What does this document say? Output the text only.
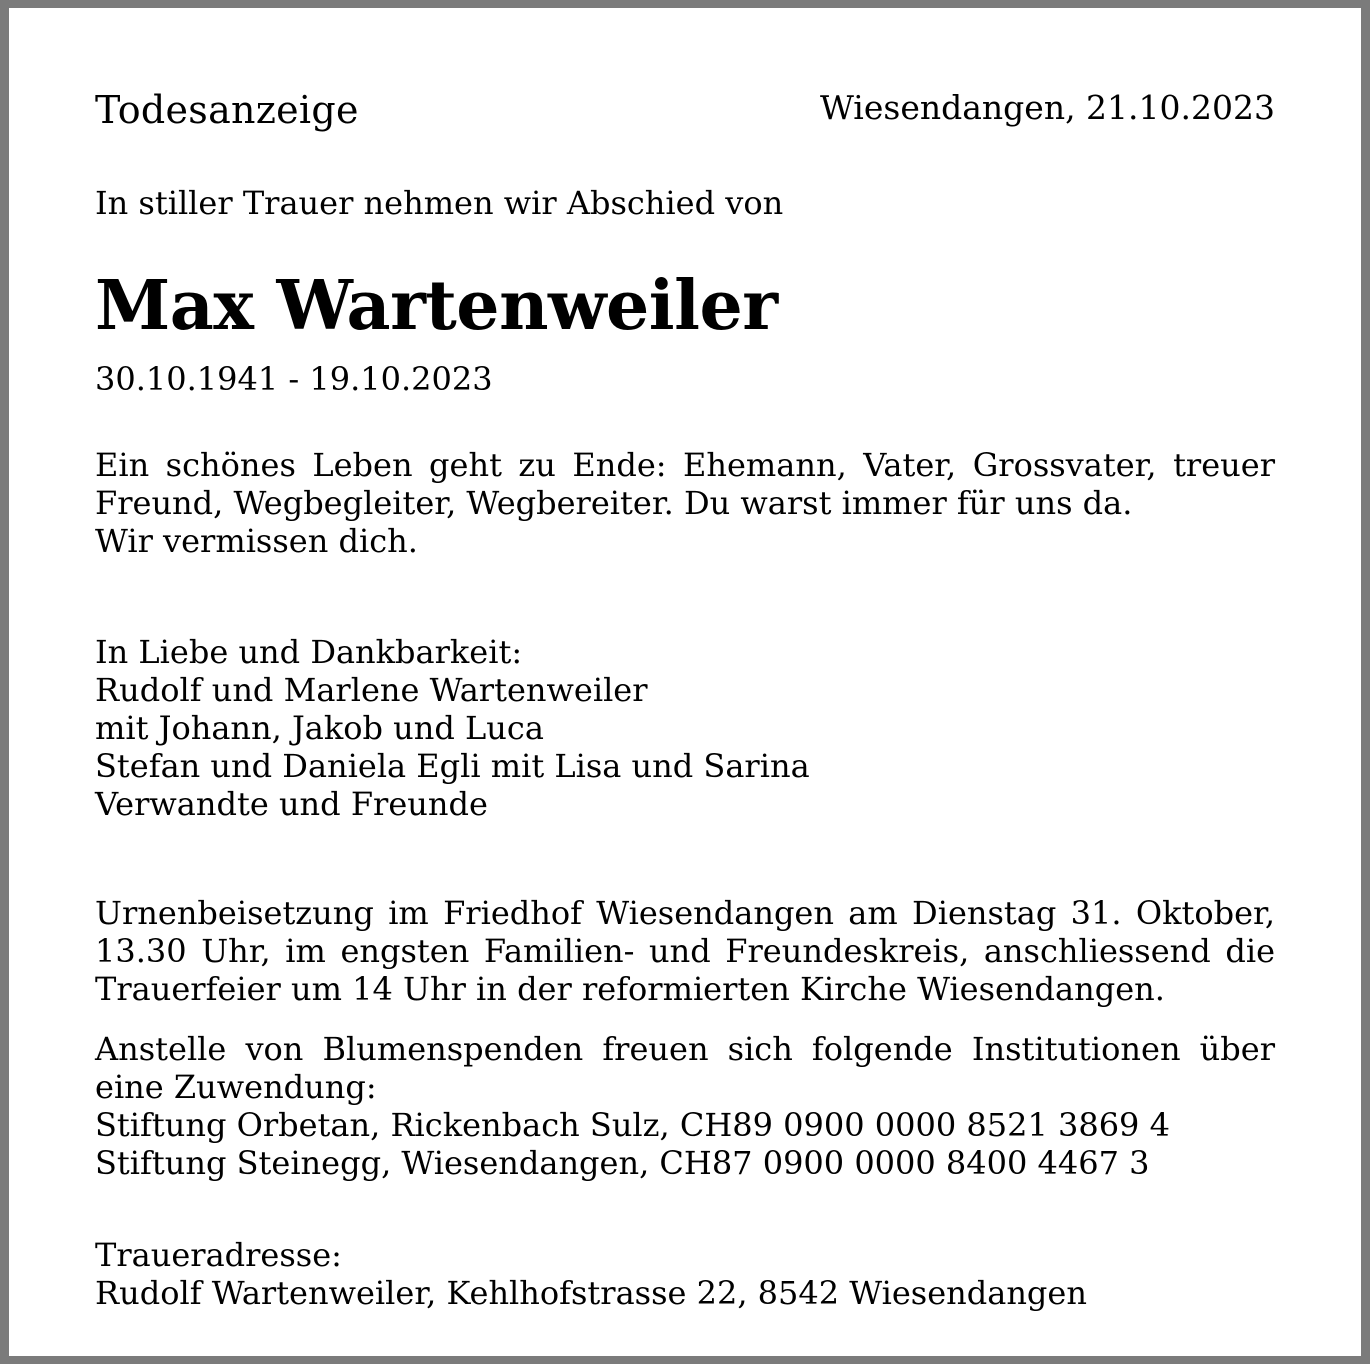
Todesanzeige	Wiesendangen, 21.10.2023
In stiller Trauer nehmen wir Abschied von
Max Wartenweiler
30.10.1941 - 19.10.2023
Ein schönes Leben geht zu Ende: Ehemann, Vater, Grossvater, treuer Freund, Wegbegleiter, Wegbereiter. Du warst immer für uns da.
Wir vermissen dich.
In Liebe und Dankbarkeit:
Rudolf und Marlene Wartenweiler
mit Johann, Jakob und Luca
Stefan und Daniela Egli mit Lisa und Sarina
Verwandte und Freunde
Urnenbeisetzung im Friedhof Wiesendangen am Dienstag 31. Oktober, 13.30 Uhr, im engsten Familien- und Freundeskreis, anschliessend die Trauerfeier um 14 Uhr in der reformierten Kirche Wiesendangen.
Anstelle von Blumenspenden freuen sich folgende Institutionen über eine Zuwendung:
Stiftung Orbetan, Rickenbach Sulz, CH89 0900 0000 8521 3869 4
Stiftung Steinegg, Wiesendangen, CH87 0900 0000 8400 4467 3
Traueradresse:
Rudolf Wartenweiler, Kehlhofstrasse 22, 8542 Wiesendangen
